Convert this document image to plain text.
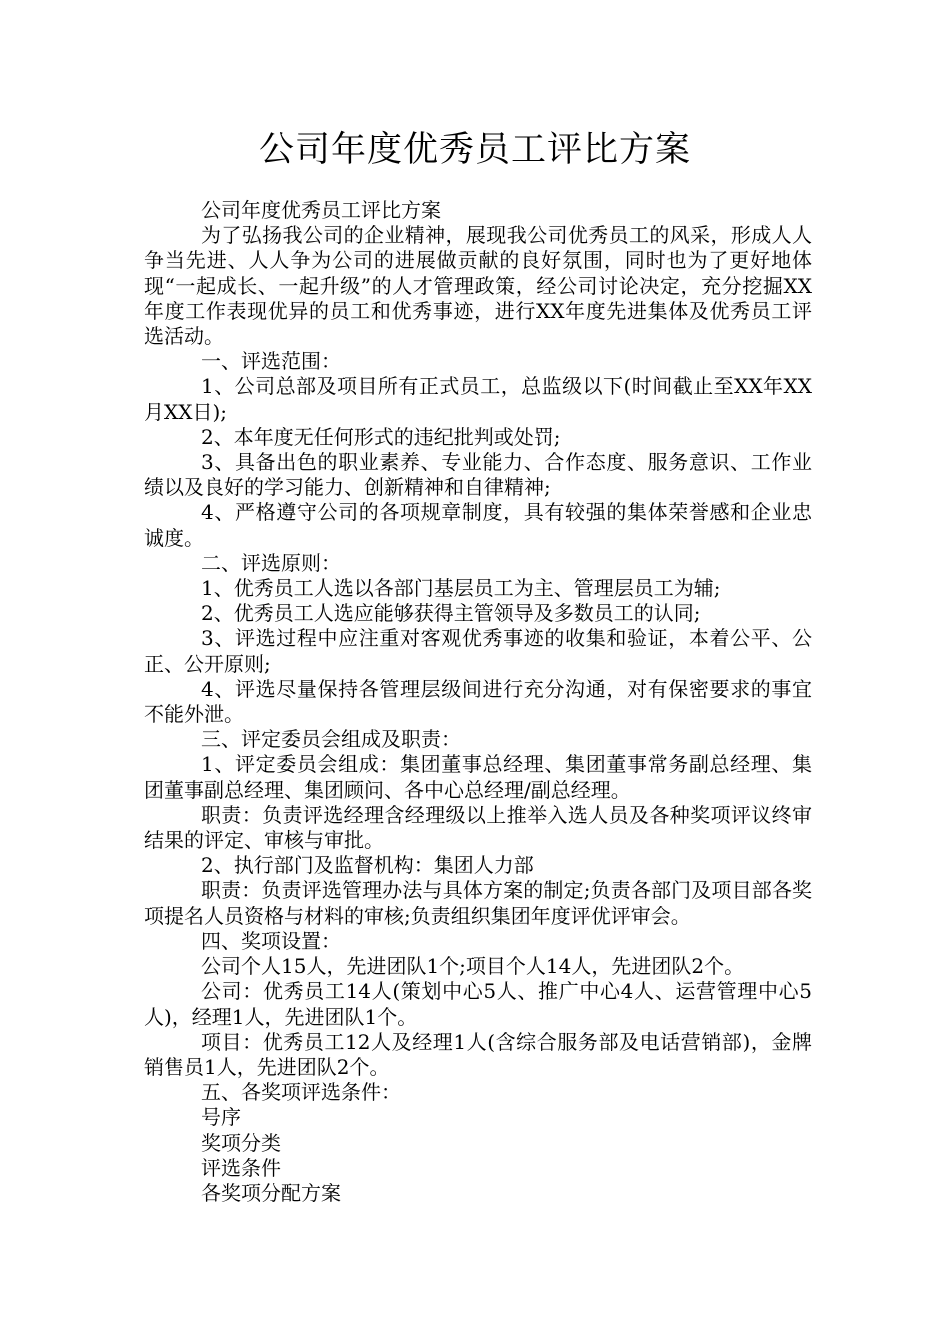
公司年度优秀员工评比方案

公司年度优秀员工评比方案

为了弘扬我公司的企业精神，展现我公司优秀员工的风采，形成人人争当先进、人人争为公司的进展做贡献的良好氛围，同时也为了更好地体现“一起成长、一起升级”的人才管理政策，经公司讨论决定，充分挖掘XX年度工作表现优异的员工和优秀事迹，进行XX年度先进集体及优秀员工评选活动。

一、评选范围：

1、公司总部及项目所有正式员工，总监级以下(时间截止至XX年XX月XX日);

2、本年度无任何形式的违纪批判或处罚;

3、具备出色的职业素养、专业能力、合作态度、服务意识、工作业绩以及良好的学习能力、创新精神和自律精神;

4、严格遵守公司的各项规章制度，具有较强的集体荣誉感和企业忠诚度。

二、评选原则：

1、优秀员工人选以各部门基层员工为主、管理层员工为辅;

2、优秀员工人选应能够获得主管领导及多数员工的认同;

3、评选过程中应注重对客观优秀事迹的收集和验证，本着公平、公正、公开原则;

4、评选尽量保持各管理层级间进行充分沟通，对有保密要求的事宜不能外泄。

三、评定委员会组成及职责：

1、评定委员会组成：集团董事总经理、集团董事常务副总经理、集团董事副总经理、集团顾问、各中心总经理/副总经理。

职责：负责评选经理含经理级以上推举入选人员及各种奖项评议终审结果的评定、审核与审批。

2、执行部门及监督机构：集团人力部

职责：负责评选管理办法与具体方案的制定;负责各部门及项目部各奖项提名人员资格与材料的审核;负责组织集团年度评优评审会。

四、奖项设置：

公司个人15人，先进团队1个;项目个人14人，先进团队2个。

公司：优秀员工14人(策划中心5人、推广中心4人、运营管理中心5人)，经理1人，先进团队1个。

项目：优秀员工12人及经理1人(含综合服务部及电话营销部)，金牌销售员1人，先进团队2个。

五、各奖项评选条件：

号序

奖项分类

评选条件

各奖项分配方案
